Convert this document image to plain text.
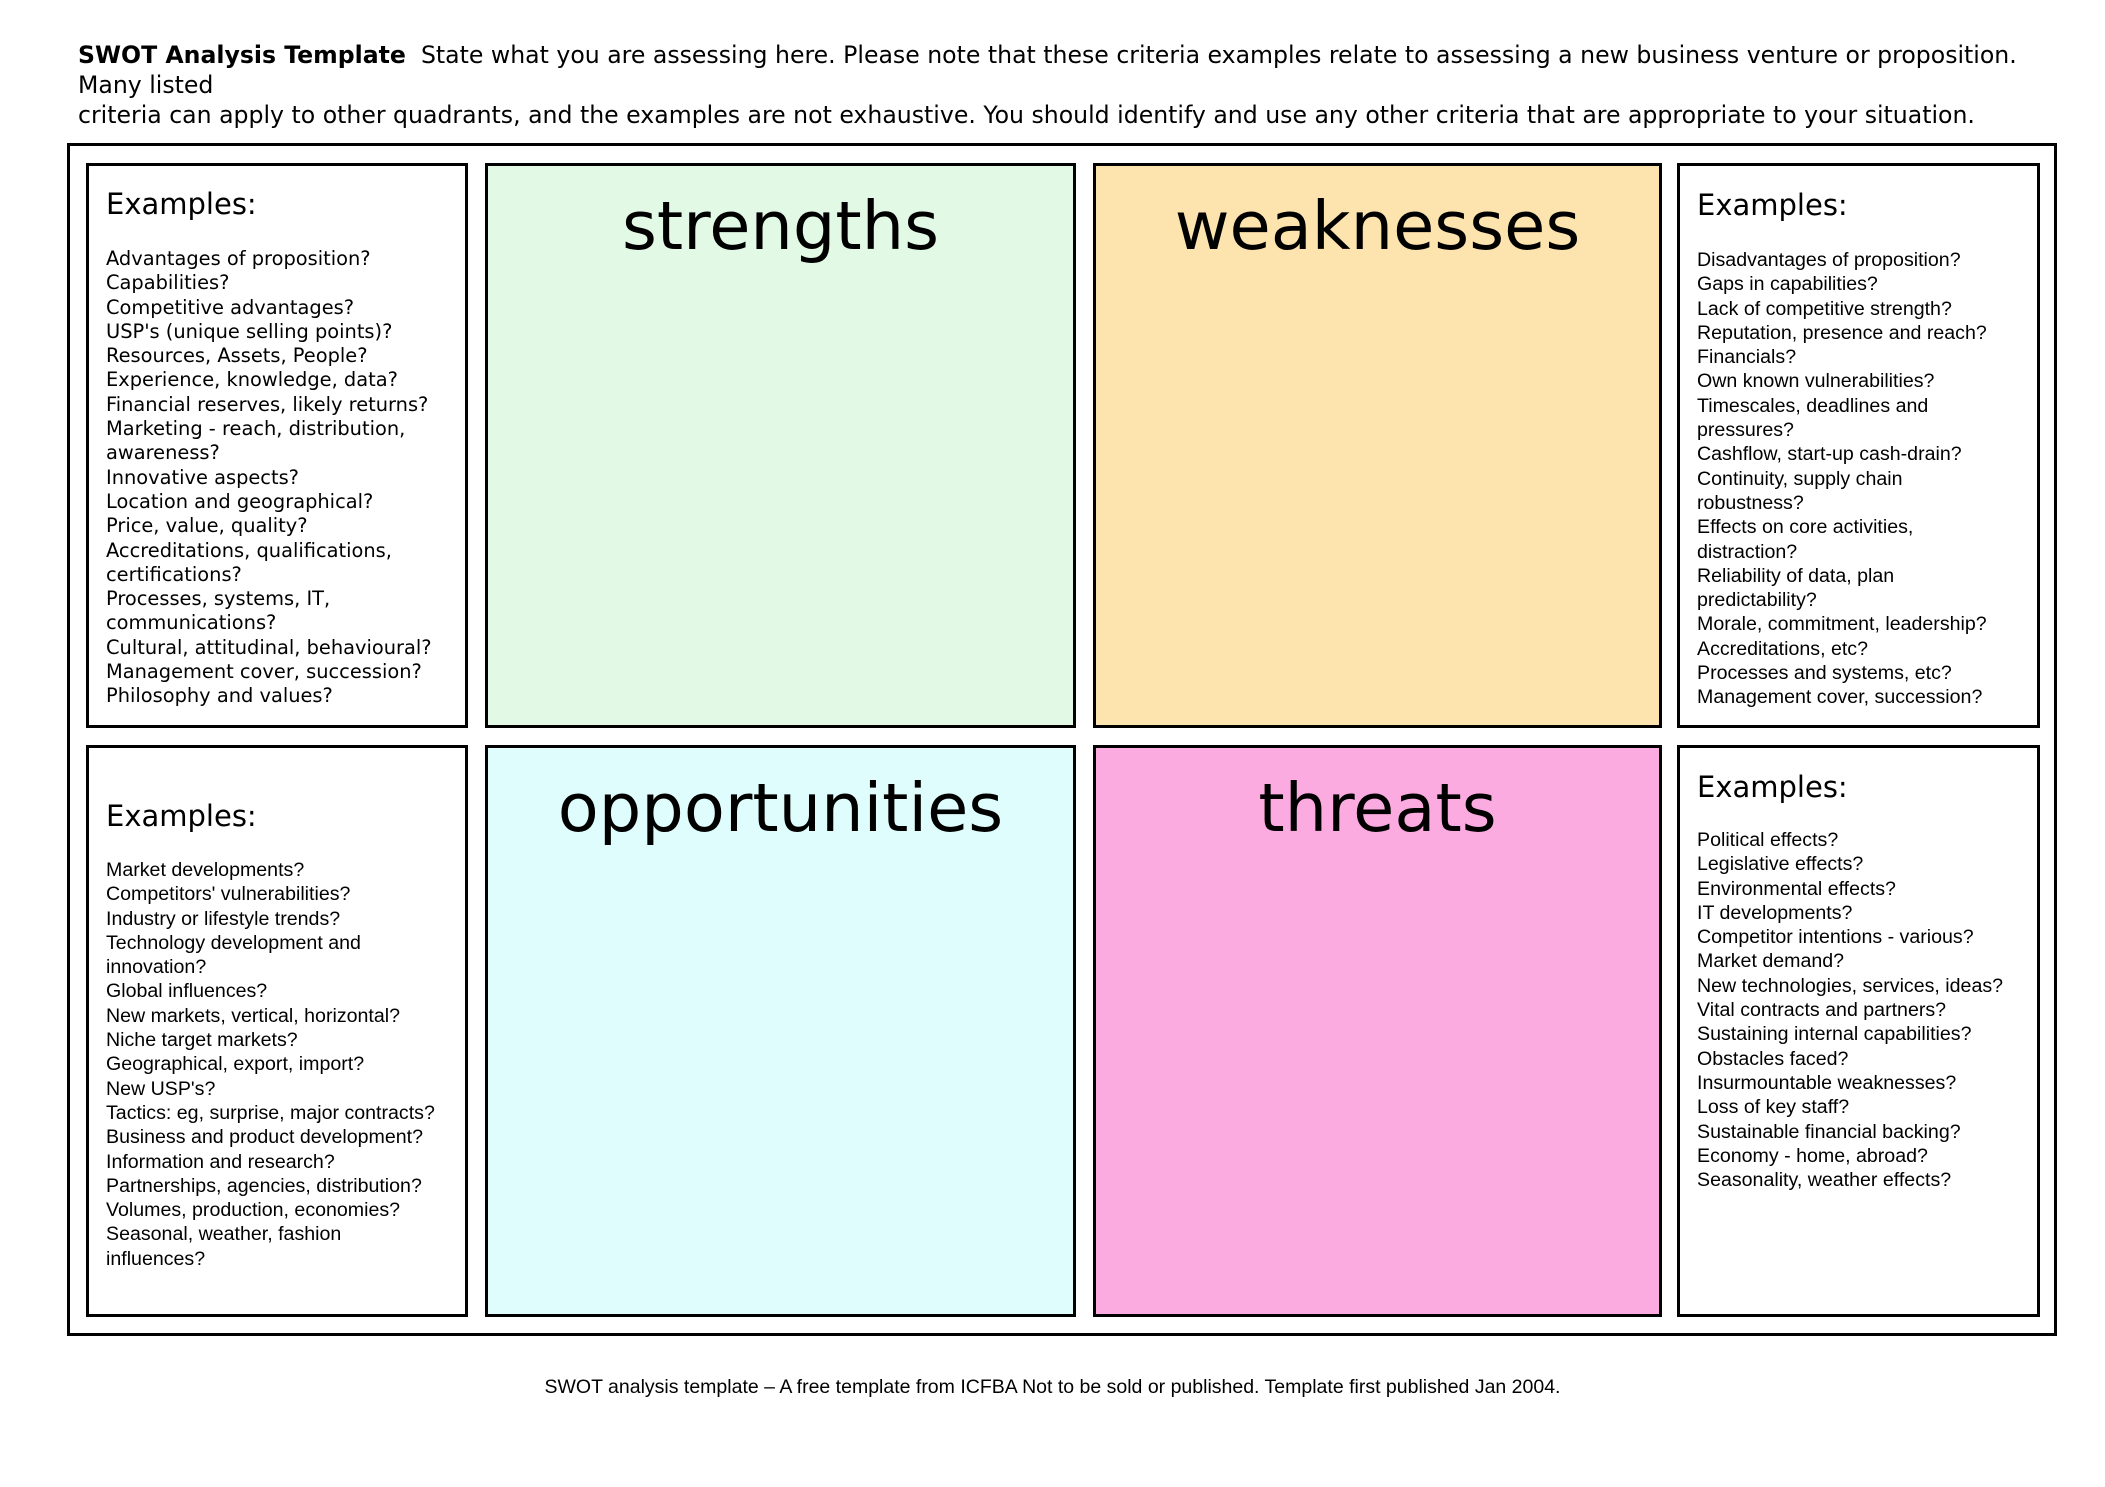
SWOT Analysis Template State what you are assessing here. Please note that these criteria examples relate to assessing a new business venture or proposition. Many listed
criteria can apply to other quadrants, and the examples are not exhaustive. You should identify and use any other criteria that are appropriate to your situation.
Examples:
Advantages of proposition?
Capabilities?
Competitive advantages?
USP's (unique selling points)?
Resources, Assets, People?
Experience, knowledge, data?
Financial reserves, likely returns?
Marketing - reach, distribution,
awareness?
Innovative aspects?
Location and geographical?
Price, value, quality?
Accreditations, qualifications,
certifications?
Processes, systems, IT,
communications?
Cultural, attitudinal, behavioural?
Management cover, succession?
Philosophy and values?
strengths	weaknesses	Examples:
Disadvantages of proposition?
Gaps in capabilities?
Lack of competitive strength?
Reputation, presence and reach?
Financials?
Own known vulnerabilities?
Timescales, deadlines and
pressures?
Cashflow, start-up cash-drain?
Continuity, supply chain
robustness?
Effects on core activities,
distraction?
Reliability of data, plan
predictability?
Morale, commitment, leadership?
Accreditations, etc?
Processes and systems, etc?
Management cover, succession?
Examples:
Market developments?
Competitors' vulnerabilities?
Industry or lifestyle trends?
Technology development and
innovation?
Global influences?
New markets, vertical, horizontal?
Niche target markets?
Geographical, export, import?
New USP's?
Tactics: eg, surprise, major contracts?
Business and product development?
Information and research?
Partnerships, agencies, distribution?
Volumes, production, economies?
Seasonal, weather, fashion
influences?
opportunities	threats	Examples:
Political effects?
Legislative effects?
Environmental effects?
IT developments?
Competitor intentions - various?
Market demand?
New technologies, services, ideas?
Vital contracts and partners?
Sustaining internal capabilities?
Obstacles faced?
Insurmountable weaknesses?
Loss of key staff?
Sustainable financial backing?
Economy - home, abroad?
Seasonality, weather effects?
SWOT analysis template – A free template from ICFBA Not to be sold or published. Template first published Jan 2004.
